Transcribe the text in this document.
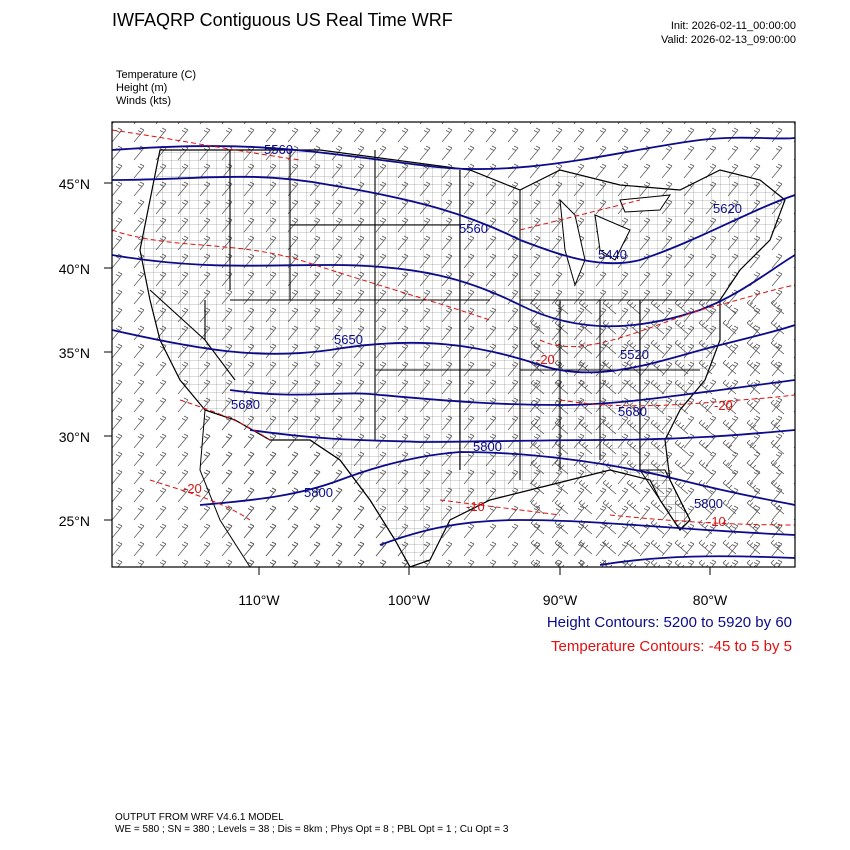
IWFAQRP Contiguous US Real Time WRF	Init: 2026-02-11_00:00:00
Valid: 2026-02-13_09:00:00
Temperature (C)
Height (m)
Winds (kts)
45°N
40°N
35°N
30°N
25°N
110°W	100°W	90°W	80°W
5560
5560
5440
5620
5520
5650
5680	5680
5800
5800
5800
-20
-20
-20
-10
-10
Height Contours: 5200 to 5920 by 60
Temperature Contours: -45 to 5 by 5
OUTPUT FROM WRF V4.6.1 MODEL
WE = 580 ; SN = 380 ; Levels = 38 ; Dis = 8km ; Phys Opt = 8 ; PBL Opt = 1 ; Cu Opt = 3
